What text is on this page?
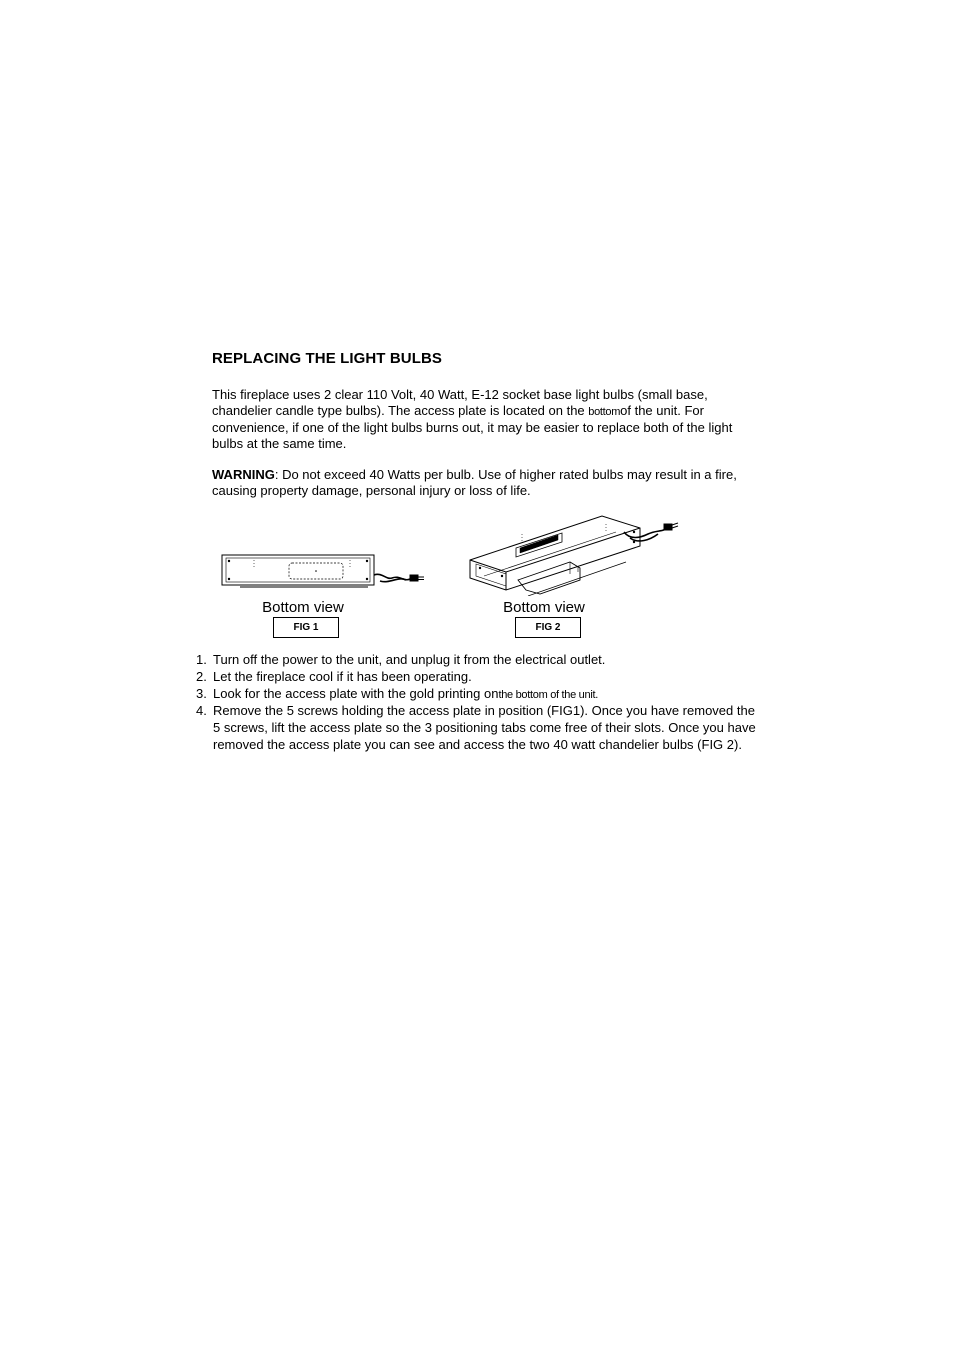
REPLACING THE LIGHT BULBS
This fireplace uses 2 clear 110 Volt, 40 Watt, E-12 socket base light bulbs (small base, chandelier candle type bulbs). The access plate is located on the bottomof the unit. For convenience, if one of the light bulbs burns out, it may be easier to replace both of the light bulbs at the same time.
WARNING: Do not exceed 40 Watts per bulb. Use of higher rated bulbs may result in a fire, causing property damage, personal injury or loss of life.
Bottom view
FIG 1
Bottom view
FIG 2
1. Turn off the power to the unit, and unplug it from the electrical outlet.
2. Let the fireplace cool if it has been operating.
3. Look for the access plate with the gold printing onthe bottom of the unit.
4. Remove the 5 screws holding the access plate in position (FIG1). Once you have removed the 5 screws, lift the access plate so the 3 positioning tabs come free of their slots. Once you have removed the access plate you can see and access the two 40 watt chandelier bulbs (FIG 2).
